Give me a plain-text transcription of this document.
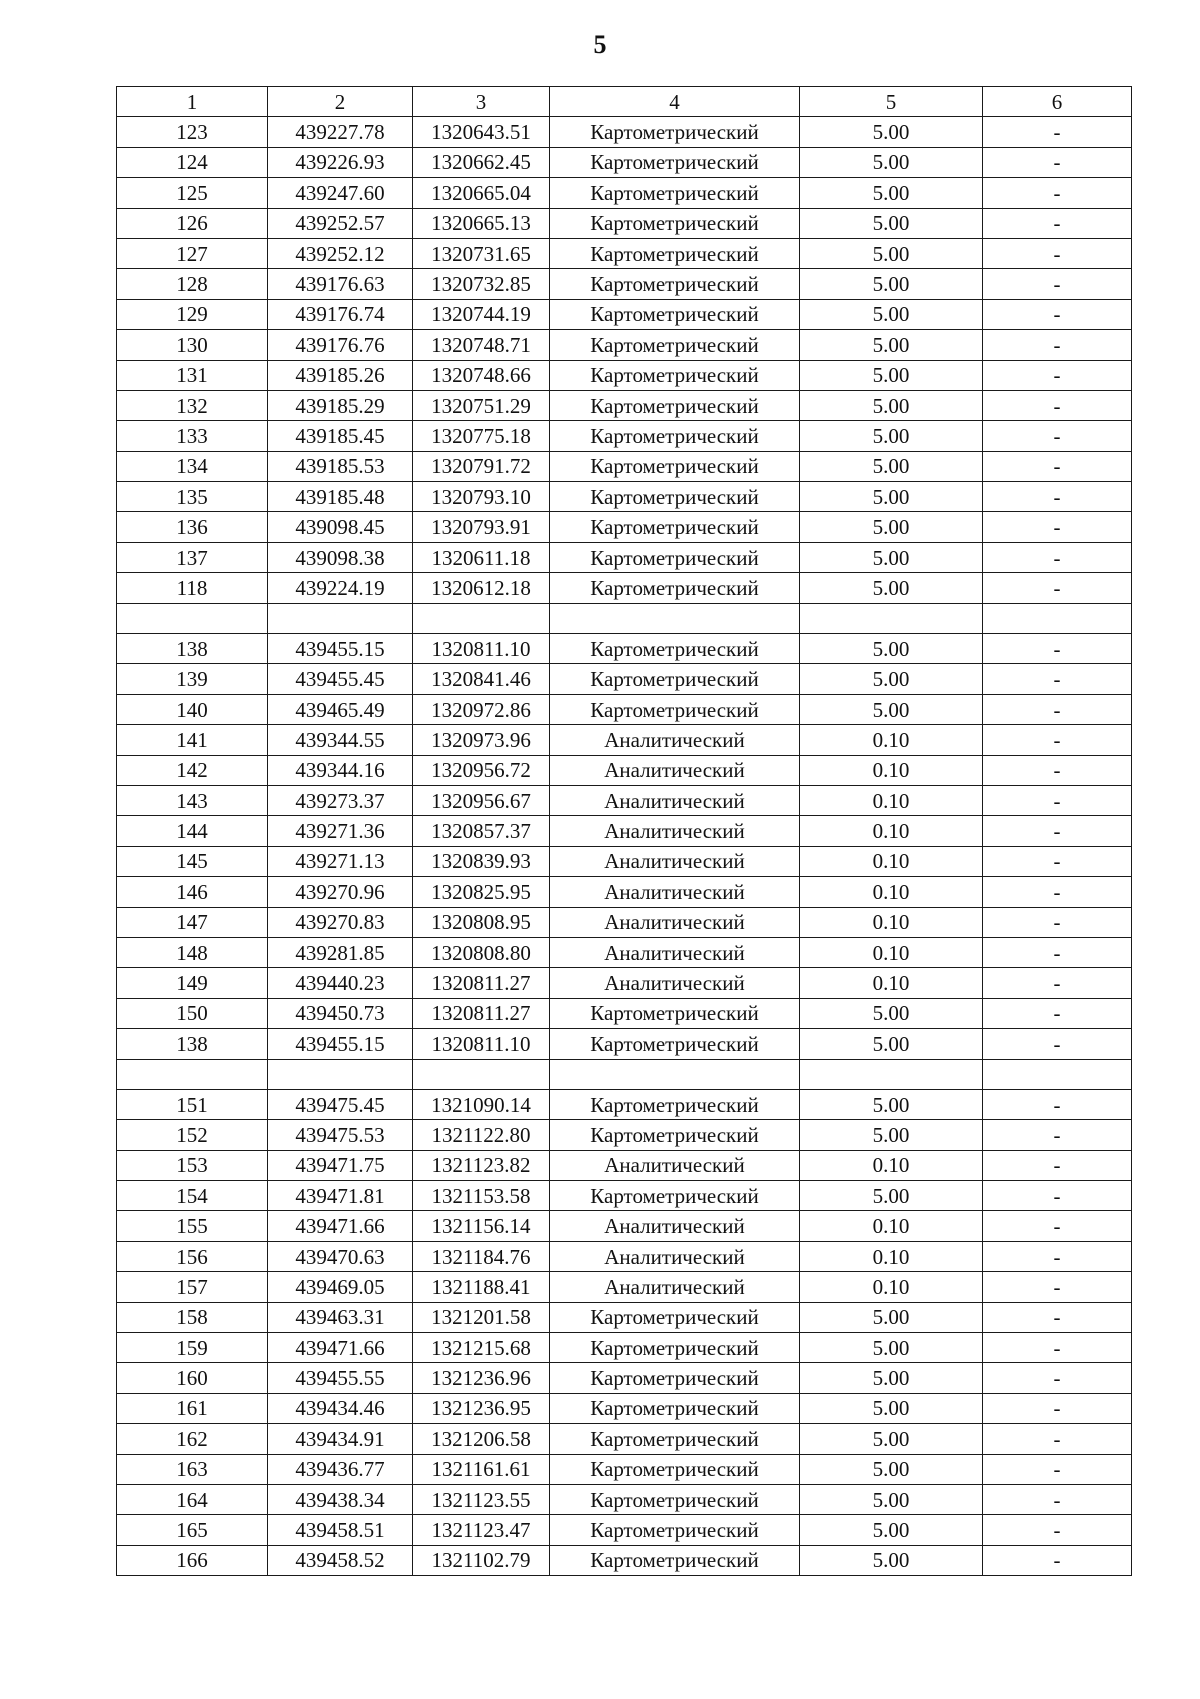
5
1	2	3	4	5	6
123	439227.78	1320643.51	Картометрический	5.00	-
124	439226.93	1320662.45	Картометрический	5.00	-
125	439247.60	1320665.04	Картометрический	5.00	-
126	439252.57	1320665.13	Картометрический	5.00	-
127	439252.12	1320731.65	Картометрический	5.00	-
128	439176.63	1320732.85	Картометрический	5.00	-
129	439176.74	1320744.19	Картометрический	5.00	-
130	439176.76	1320748.71	Картометрический	5.00	-
131	439185.26	1320748.66	Картометрический	5.00	-
132	439185.29	1320751.29	Картометрический	5.00	-
133	439185.45	1320775.18	Картометрический	5.00	-
134	439185.53	1320791.72	Картометрический	5.00	-
135	439185.48	1320793.10	Картометрический	5.00	-
136	439098.45	1320793.91	Картометрический	5.00	-
137	439098.38	1320611.18	Картометрический	5.00	-
118	439224.19	1320612.18	Картометрический	5.00	-

138	439455.15	1320811.10	Картометрический	5.00	-
139	439455.45	1320841.46	Картометрический	5.00	-
140	439465.49	1320972.86	Картометрический	5.00	-
141	439344.55	1320973.96	Аналитический	0.10	-
142	439344.16	1320956.72	Аналитический	0.10	-
143	439273.37	1320956.67	Аналитический	0.10	-
144	439271.36	1320857.37	Аналитический	0.10	-
145	439271.13	1320839.93	Аналитический	0.10	-
146	439270.96	1320825.95	Аналитический	0.10	-
147	439270.83	1320808.95	Аналитический	0.10	-
148	439281.85	1320808.80	Аналитический	0.10	-
149	439440.23	1320811.27	Аналитический	0.10	-
150	439450.73	1320811.27	Картометрический	5.00	-
138	439455.15	1320811.10	Картометрический	5.00	-

151	439475.45	1321090.14	Картометрический	5.00	-
152	439475.53	1321122.80	Картометрический	5.00	-
153	439471.75	1321123.82	Аналитический	0.10	-
154	439471.81	1321153.58	Картометрический	5.00	-
155	439471.66	1321156.14	Аналитический	0.10	-
156	439470.63	1321184.76	Аналитический	0.10	-
157	439469.05	1321188.41	Аналитический	0.10	-
158	439463.31	1321201.58	Картометрический	5.00	-
159	439471.66	1321215.68	Картометрический	5.00	-
160	439455.55	1321236.96	Картометрический	5.00	-
161	439434.46	1321236.95	Картометрический	5.00	-
162	439434.91	1321206.58	Картометрический	5.00	-
163	439436.77	1321161.61	Картометрический	5.00	-
164	439438.34	1321123.55	Картометрический	5.00	-
165	439458.51	1321123.47	Картометрический	5.00	-
166	439458.52	1321102.79	Картометрический	5.00	-
